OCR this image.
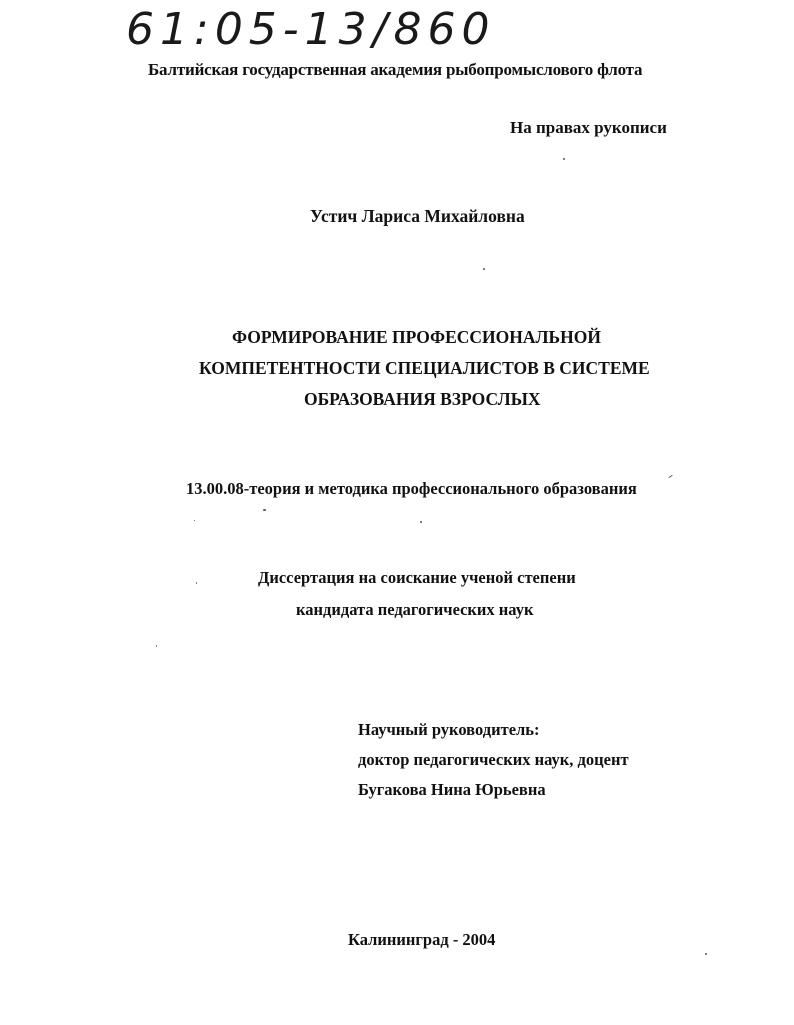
61:05-13/860
Балтийская государственная академия рыбопромыслового флота
На правах рукописи
Устич Лариса Михайловна
ФОРМИРОВАНИЕ ПРОФЕССИОНАЛЬНОЙ
КОМПЕТЕНТНОСТИ СПЕЦИАЛИСТОВ В СИСТЕМЕ
ОБРАЗОВАНИЯ ВЗРОСЛЫХ
13.00.08-теория и методика профессионального образования
Диссертация на соискание ученой степени
кандидата педагогических наук
Научный руководитель:
доктор педагогических наук, доцент
Бугакова Нина Юрьевна
Калининград - 2004
